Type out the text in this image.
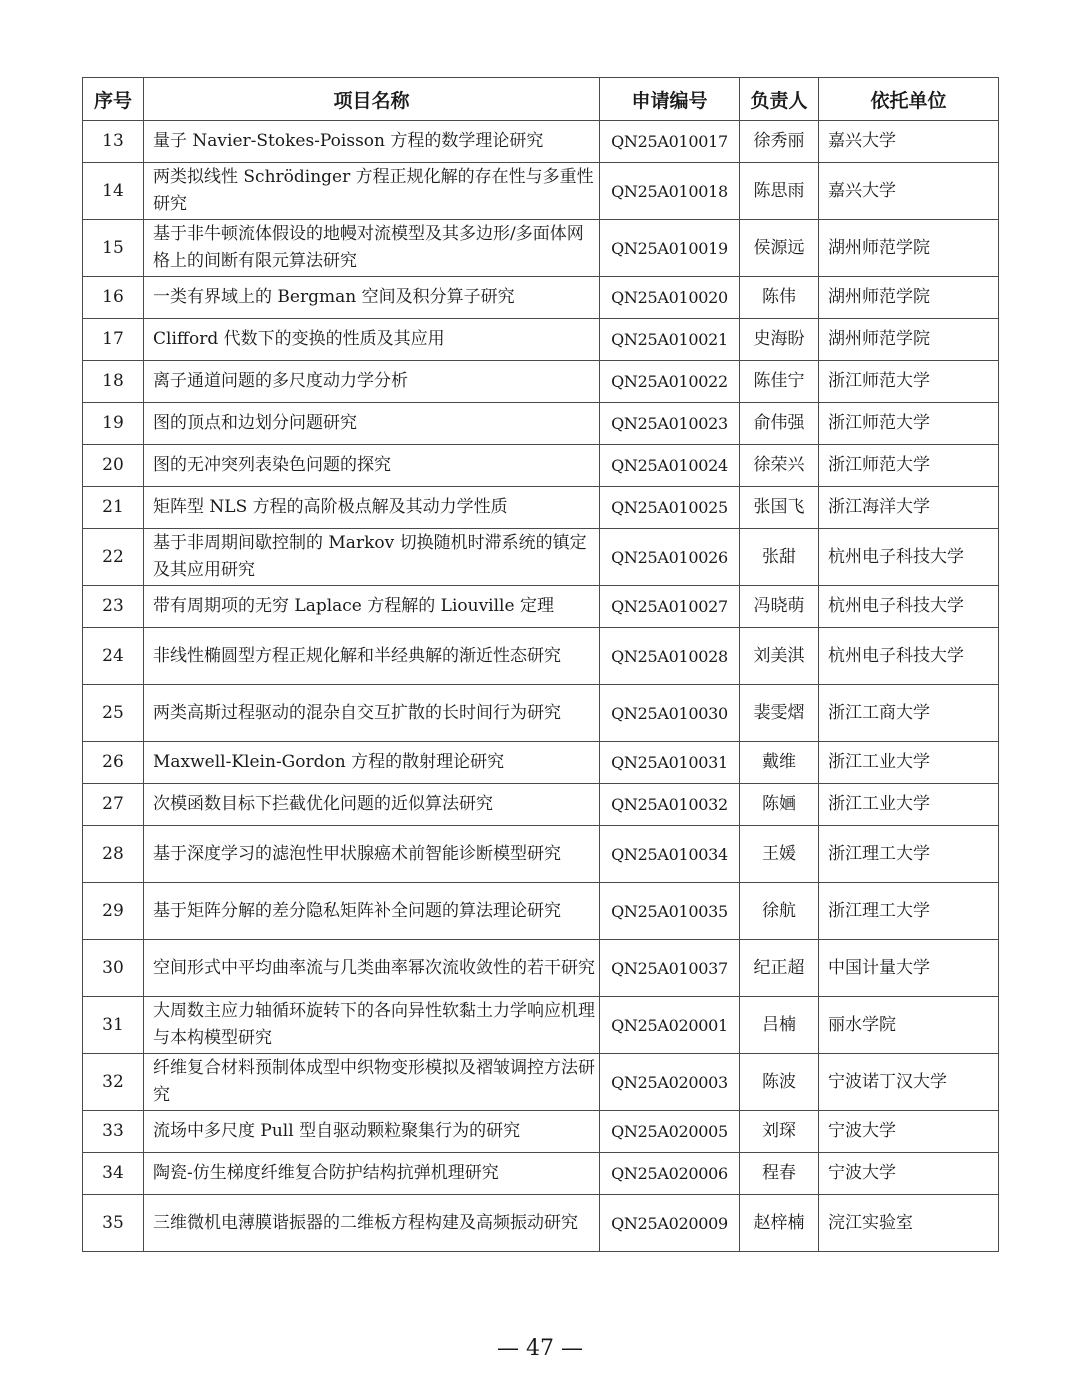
序号	项目名称	申请编号	负责人	依托单位
13	量子 Navier-Stokes-Poisson 方程的数学理论研究	QN25A010017	徐秀丽	嘉兴大学
14	两类拟线性 Schrödinger 方程正规化解的存在性与多重性研究	QN25A010018	陈思雨	嘉兴大学
15	基于非牛顿流体假设的地幔对流模型及其多边形/多面体网格上的间断有限元算法研究	QN25A010019	侯源远	湖州师范学院
16	一类有界域上的 Bergman 空间及积分算子研究	QN25A010020	陈伟	湖州师范学院
17	Clifford 代数下的变换的性质及其应用	QN25A010021	史海盼	湖州师范学院
18	离子通道问题的多尺度动力学分析	QN25A010022	陈佳宁	浙江师范大学
19	图的顶点和边划分问题研究	QN25A010023	俞伟强	浙江师范大学
20	图的无冲突列表染色问题的探究	QN25A010024	徐荣兴	浙江师范大学
21	矩阵型 NLS 方程的高阶极点解及其动力学性质	QN25A010025	张国飞	浙江海洋大学
22	基于非周期间歇控制的 Markov 切换随机时滞系统的镇定及其应用研究	QN25A010026	张甜	杭州电子科技大学
23	带有周期项的无穷 Laplace 方程解的 Liouville 定理	QN25A010027	冯晓萌	杭州电子科技大学
24	非线性椭圆型方程正规化解和半经典解的渐近性态研究	QN25A010028	刘美淇	杭州电子科技大学
25	两类高斯过程驱动的混杂自交互扩散的长时间行为研究	QN25A010030	裴雯熠	浙江工商大学
26	Maxwell-Klein-Gordon 方程的散射理论研究	QN25A010031	戴维	浙江工业大学
27	次模函数目标下拦截优化问题的近似算法研究	QN25A010032	陈婳	浙江工业大学
28	基于深度学习的滤泡性甲状腺癌术前智能诊断模型研究	QN25A010034	王媛	浙江理工大学
29	基于矩阵分解的差分隐私矩阵补全问题的算法理论研究	QN25A010035	徐航	浙江理工大学
30	空间形式中平均曲率流与几类曲率幂次流收敛性的若干研究	QN25A010037	纪正超	中国计量大学
31	大周数主应力轴循环旋转下的各向异性软黏土力学响应机理与本构模型研究	QN25A020001	吕楠	丽水学院
32	纤维复合材料预制体成型中织物变形模拟及褶皱调控方法研究	QN25A020003	陈波	宁波诺丁汉大学
33	流场中多尺度 Pull 型自驱动颗粒聚集行为的研究	QN25A020005	刘琛	宁波大学
34	陶瓷-仿生梯度纤维复合防护结构抗弹机理研究	QN25A020006	程春	宁波大学
35	三维微机电薄膜谐振器的二维板方程构建及高频振动研究	QN25A020009	赵梓楠	浣江实验室
— 47 —
